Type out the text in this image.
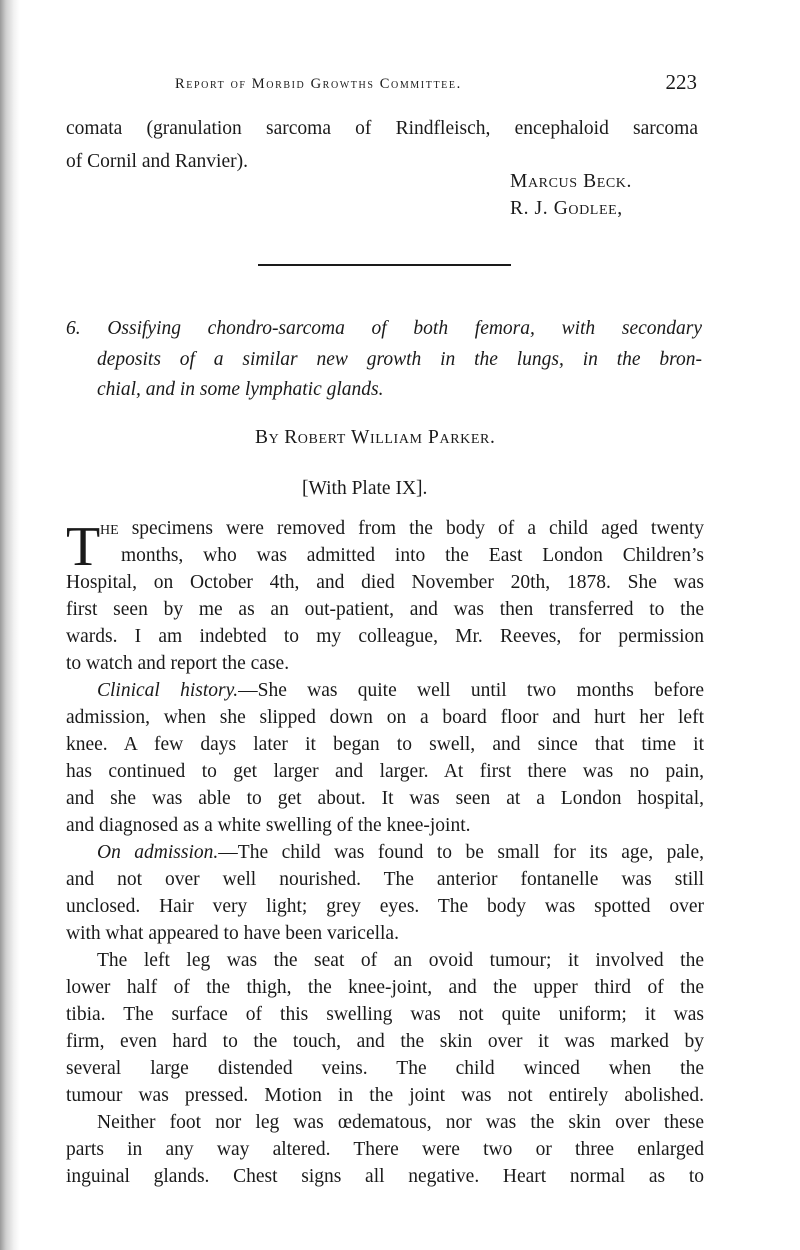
Report of Morbid Growths Committee.	223
comata (granulation sarcoma of Rindfleisch, encephaloid sarcoma
of Cornil and Ranvier).
Marcus Beck.
R. J. Godlee,
6. Ossifying chondro-sarcoma of both femora, with secondary
deposits of a similar new growth in the lungs, in the bron-
chial, and in some lymphatic glands.
By Robert William Parker.
[With Plate IX].
T he specimens were removed from the body of a child aged twenty
months, who was admitted into the East London Children’s
Hospital, on October 4th, and died November 20th, 1878. She was
first seen by me as an out-patient, and was then transferred to the
wards. I am indebted to my colleague, Mr. Reeves, for permission
to watch and report the case.
Clinical history.—She was quite well until two months before
admission, when she slipped down on a board floor and hurt her left
knee. A few days later it began to swell, and since that time it
has continued to get larger and larger. At first there was no pain,
and she was able to get about. It was seen at a London hospital,
and diagnosed as a white swelling of the knee-joint.
On admission.—The child was found to be small for its age, pale,
and not over well nourished. The anterior fontanelle was still
unclosed. Hair very light; grey eyes. The body was spotted over
with what appeared to have been varicella.
The left leg was the seat of an ovoid tumour; it involved the
lower half of the thigh, the knee-joint, and the upper third of the
tibia. The surface of this swelling was not quite uniform; it was
firm, even hard to the touch, and the skin over it was marked by
several large distended veins. The child winced when the
tumour was pressed. Motion in the joint was not entirely abolished.
Neither foot nor leg was œdematous, nor was the skin over these
parts in any way altered. There were two or three enlarged
inguinal glands. Chest signs all negative. Heart normal as to
